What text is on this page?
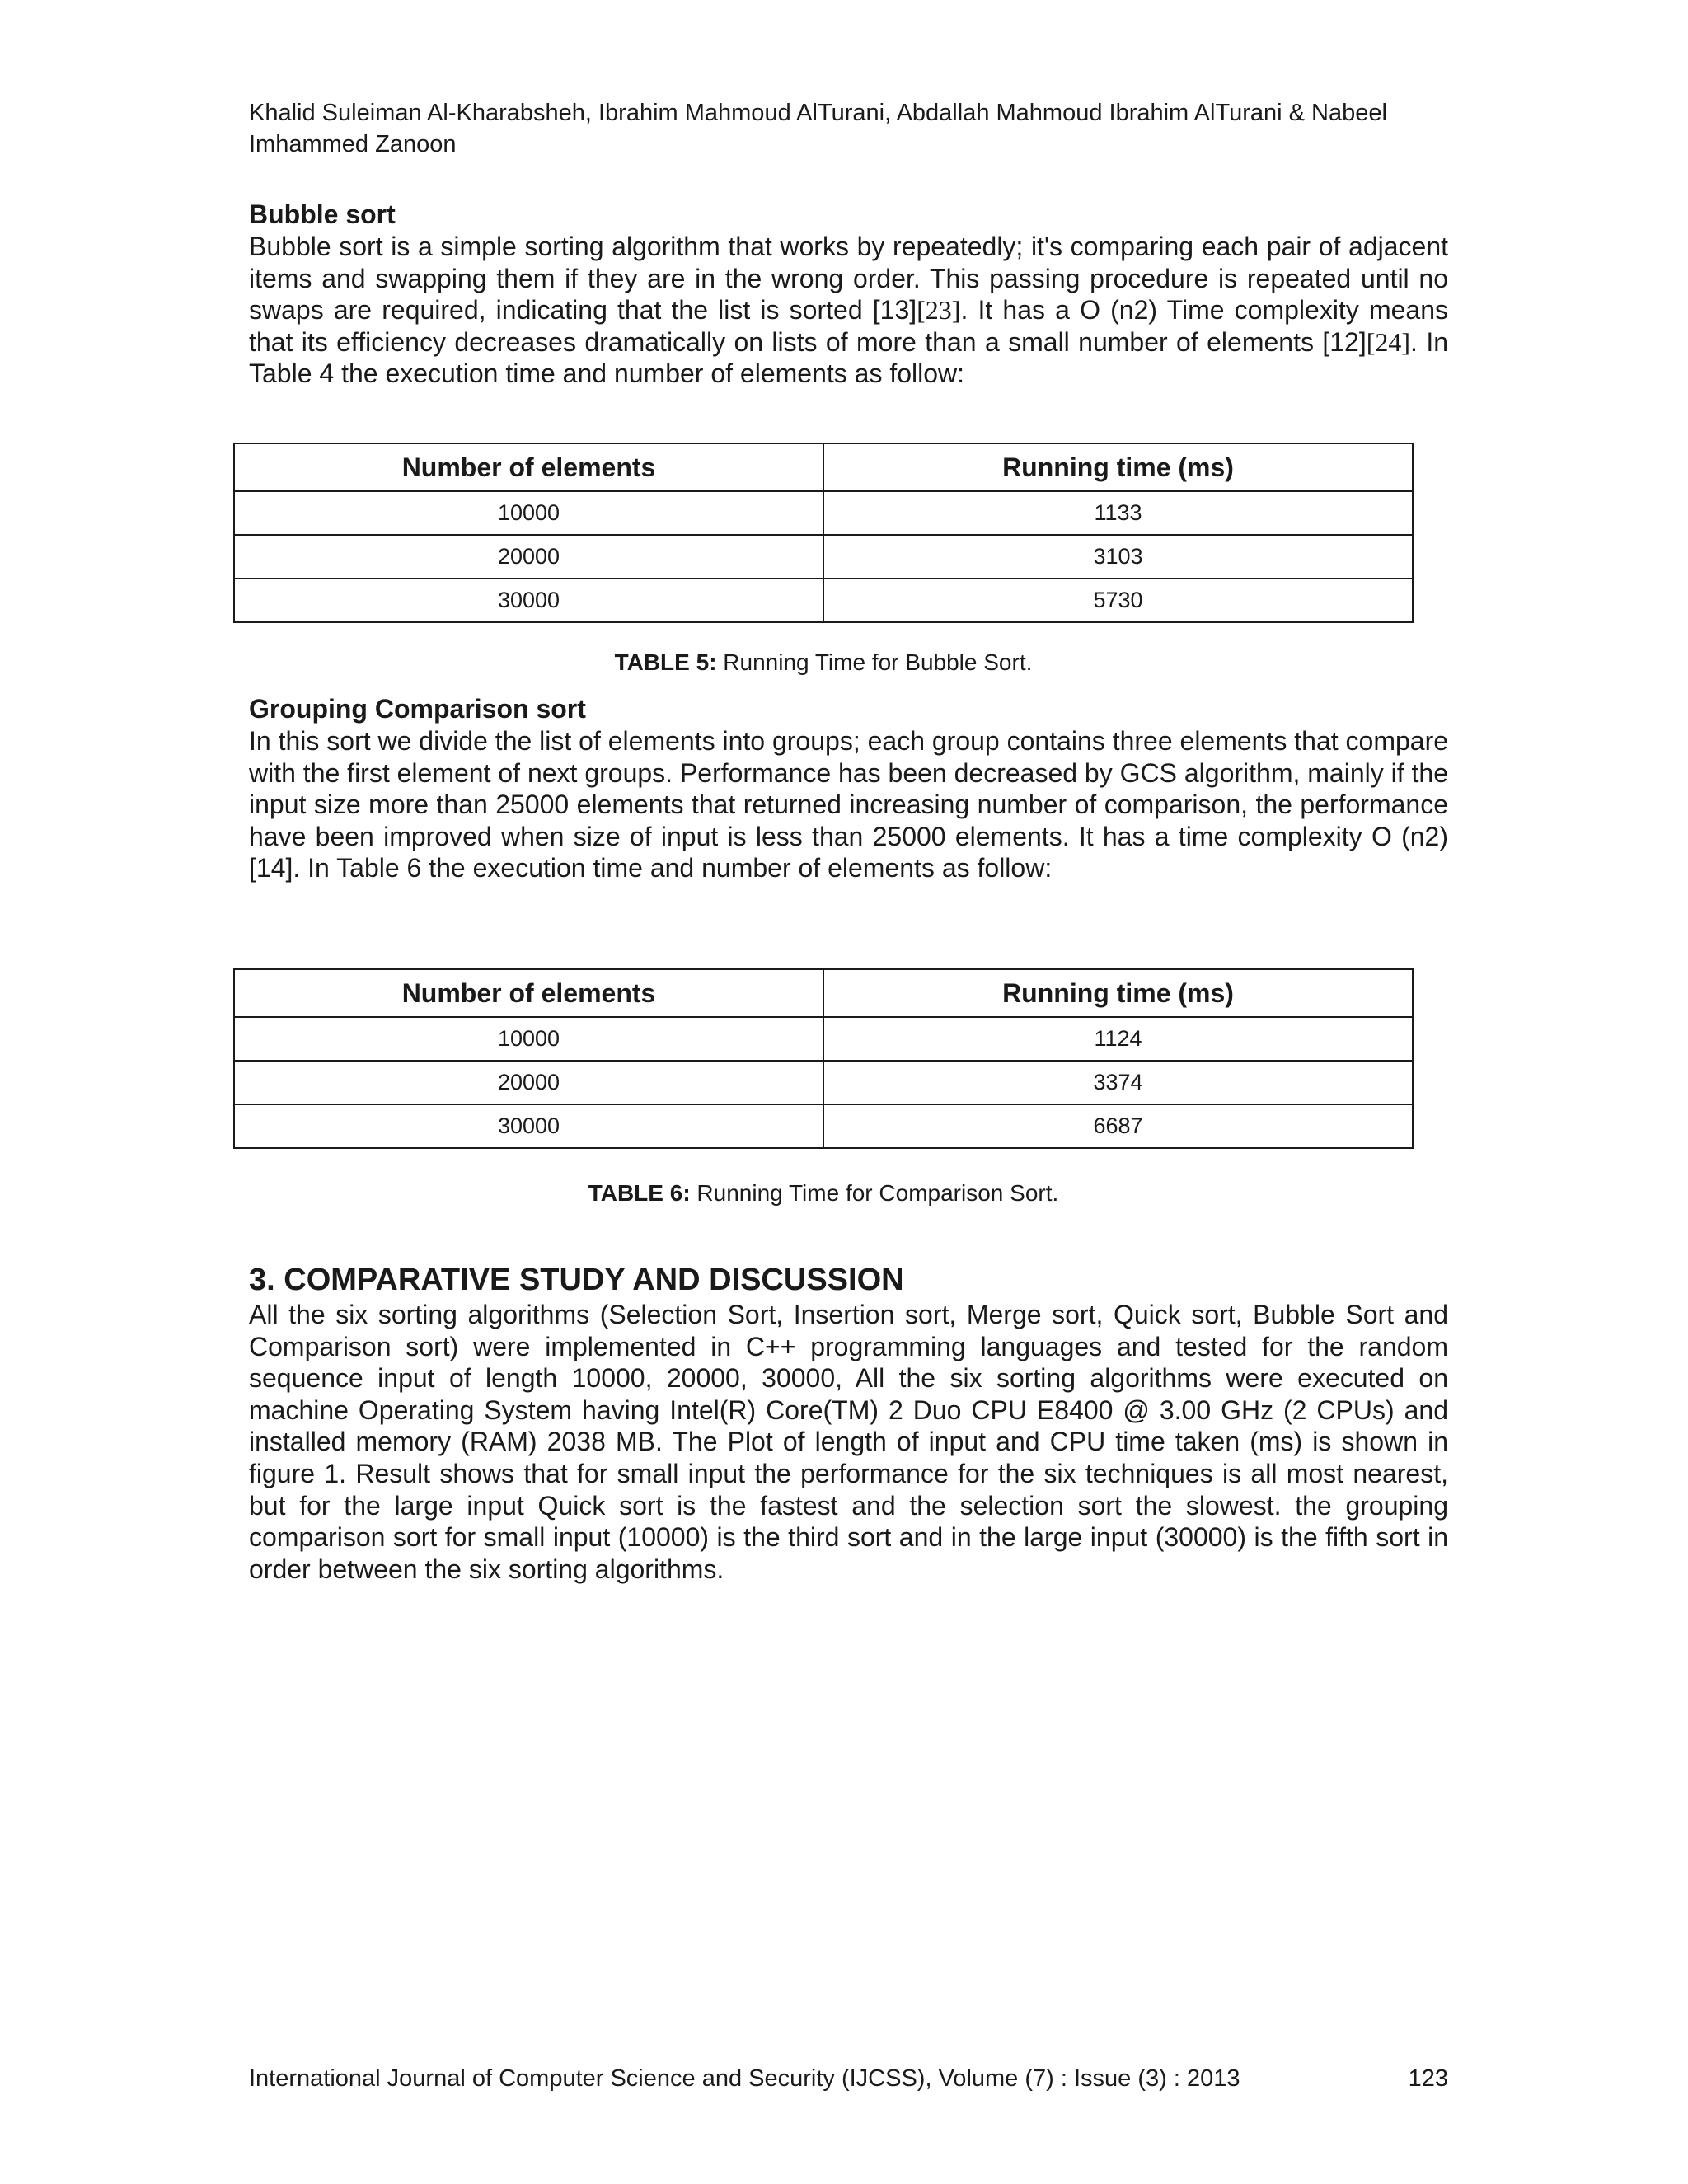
Khalid Suleiman Al-Kharabsheh, Ibrahim Mahmoud AlTurani, Abdallah Mahmoud Ibrahim AlTurani & Nabeel Imhammed Zanoon
Bubble sort

Bubble sort is a simple sorting algorithm that works by repeatedly; it's comparing each pair of adjacent items and swapping them if they are in the wrong order. This passing procedure is repeated until no swaps are required, indicating that the list is sorted [13][23]. It has a O (n2) Time complexity means that its efficiency decreases dramatically on lists of more than a small number of elements [12][24]. In Table 4 the execution time and number of elements as follow:

Number of elements	Running time (ms)
10000	1133
20000	3103
30000	5730
TABLE 5: Running Time for Bubble Sort.
Grouping Comparison sort

In this sort we divide the list of elements into groups; each group contains three elements that compare with the first element of next groups. Performance has been decreased by GCS algorithm, mainly if the input size more than 25000 elements that returned increasing number of comparison, the performance have been improved when size of input is less than 25000 elements. It has a time complexity O (n2) [14]. In Table 6 the execution time and number of elements as follow:

Number of elements	Running time (ms)
10000	1124
20000	3374
30000	6687
TABLE 6: Running Time for Comparison Sort.
3. COMPARATIVE STUDY AND DISCUSSION

All the six sorting algorithms (Selection Sort, Insertion sort, Merge sort, Quick sort, Bubble Sort and Comparison sort) were implemented in C++ programming languages and tested for the random sequence input of length 10000, 20000, 30000, All the six sorting algorithms were executed on machine Operating System having Intel(R) Core(TM) 2 Duo CPU E8400 @ 3.00 GHz (2 CPUs) and installed memory (RAM) 2038 MB. The Plot of length of input and CPU time taken (ms) is shown in figure 1. Result shows that for small input the performance for the six techniques is all most nearest, but for the large input Quick sort is the fastest and the selection sort the slowest. the grouping comparison sort for small input (10000) is the third sort and in the large input (30000) is the fifth sort in order between the six sorting algorithms.

International Journal of Computer Science and Security (IJCSS), Volume (7) : Issue (3) : 2013	123
